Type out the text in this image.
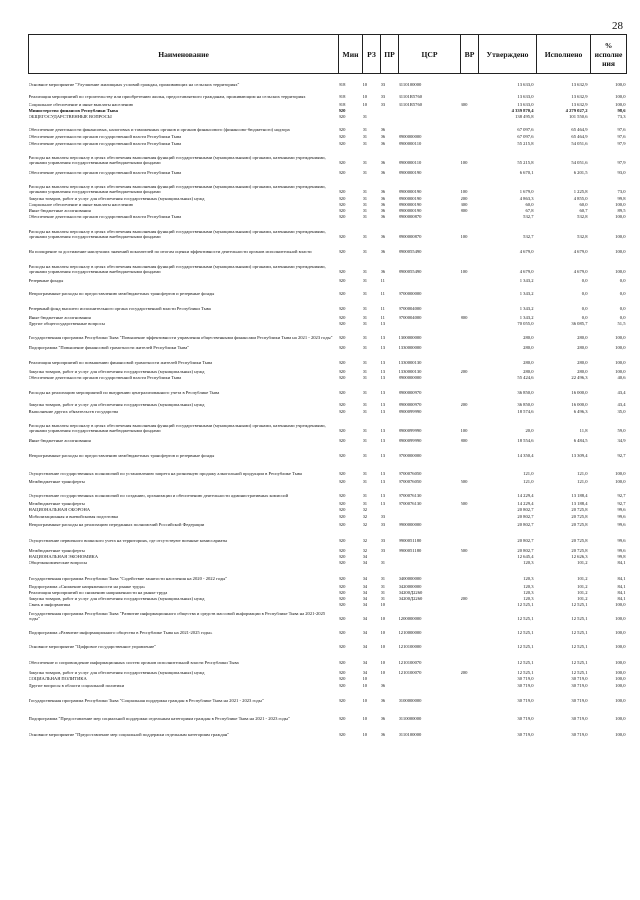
28
Наименование	Мин	РЗ	ПР	ЦСР	ВР	Утверждено	Исполнено	% исполне ния
Основное мероприятие "Улучшение жилищных условий граждан, проживающих на сельских территориях"	918	10	03	3110100000		13 633,0	13 632,9	100,0
Реализация мероприятий по строительству или приобретению жилья, предоставляемого гражданам, проживающим на сельских территориях	918	10	03	31101R5760		13 633,0	13 632,9	100,0
Социальное обеспечение и иные выплаты населению	918	10	03	31101R5760	300	13 633,0	13 632,9	100,0
Министерство финансов Республики Тыва	920					4 339 870,4	4 279 027,2	98,6
ОБЩЕГОСУДАРСТВЕННЫЕ ВОПРОСЫ	920	01				138 495,8	101 550,6	73,3
Обеспечение деятельности финансовых, налоговых и таможенных органов и органов финансового (финансово-бюджетного) надзора	920	01	06			67 097,6	65 464,9	97,6
Обеспечение деятельности органов государственной власти Республики Тыва	920	01	06	8900000000		67 097,6	65 464,9	97,6
Обеспечение деятельности органов государственной власти Республики Тыва	920	01	06	8900000110		55 215,8	54 051,6	97,9
Расходы на выплаты персоналу в целях обеспечения выполнения функций государственными (муниципальными) органами, казенными учреждениями, органами управления государственными внебюджетными фондами	920	01	06	8900000110	100	55 215,8	54 051,6	97,9
Обеспечение деятельности органов государственной власти Республики Тыва	920	01	06	8900000190		6 670,1	6 201,5	93,0
Расходы на выплаты персоналу в целях обеспечения выполнения функций государственными (муниципальными) органами, казенными учреждениями, органами управления государственными внебюджетными фондами	920	01	06	8900000190	100	1 679,0	1 225,8	73,0
Закупка товаров, работ и услуг для обеспечения государственных (муниципальных) нужд	920	01	06	8900000190	200	4 863,3	4 855,0	99,8
Социальное обеспечение и иные выплаты населению	920	01	06	8900000190	300	60,0	60,0	100,0
Иные бюджетные ассигнования	920	01	06	8900000190	800	67,8	60,7	89,5
Обеспечение деятельности органов государственной власти Республики Тыва	920	01	06	8900000870		532,7	532,8	100,0
Расходы на выплаты персоналу в целях обеспечения выполнения функций государственными (муниципальными) органами, казенными учреждениями, органами управления государственными внебюджетными фондами	920	01	06	8900000870	100	532,7	532,8	100,0
На поощрение за достижение наилучших значений показателей по итогам оценки эффективности деятельности органов исполнительной власти	920	01	06	8900055490		4 679,0	4 679,0	100,0
Расходы на выплаты персоналу в целях обеспечения выполнения функций государственными (муниципальными) органами, казенными учреждениями, органами управления государственными внебюджетными фондами	920	01	06	8900055490	100	4 679,0	4 679,0	100,0
Резервные фонды	920	01	11			1 343,2	0,0	0,0
Непрограммные расходы по предоставлению межбюджетных трансфертов и резервные фонды	920	01	11	9700000000		1 343,2	0,0	0,0
Резервный фонд высшего исполнительного органа государственной власти Республики Тыва	920	01	11	9700004000		1 343,2	0,0	0,0
Иные бюджетные ассигнования	920	01	11	9700004000	800	1 343,2	0,0	0,0
Другие общегосударственные вопросы	920	01	13			70 055,0	36 085,7	51,5
Государственная программа Республики Тыва "Повышение эффективности управления общественными финансами Республики Тыва на 2021 - 2023 годы"	920	01	13	1300000000		280,0	280,0	100,0
Подпрограмма "Повышение финансовой грамотности жителей Республики Тыва"	920	01	13	1330000000		280,0	280,0	100,0
Реализация мероприятий по повышению финансовой грамотности жителей Республики Тыва	920	01	13	1330000130		280,0	280,0	100,0
Закупка товаров, работ и услуг для обеспечения государственных (муниципальных) нужд	920	01	13	1330000130	200	280,0	280,0	100,0
Обеспечение деятельности органов государственной власти Республики Тыва	920	01	13	8900000000		55 424,6	22 496,3	40,6
Расходы на реализацию мероприятий по внедрению централизованного учета в Республике Тыва	920	01	13	8900000970		36 850,0	16 000,0	43,4
Закупка товаров, работ и услуг для обеспечения государственных (муниципальных) нужд	920	01	13	8900000970	200	36 850,0	16 000,0	43,4
Выполнение других обязательств государства	920	01	13	8900099990		18 574,6	6 496,3	35,0
Расходы на выплаты персоналу в целях обеспечения выполнения функций государственными (муниципальными) органами, казенными учреждениями, органами управления государственными внебюджетными фондами	920	01	13	8900099990	100	20,0	11,8	59,0
Иные бюджетные ассигнования	920	01	13	8900099990	800	18 554,6	6 484,5	34,9
Непрограммные расходы по предоставлению межбюджетных трансфертов и резервные фонды	920	01	13	9700000000		14 350,4	13 309,4	92,7
Осуществление государственных полномочий по установлению запрета на розничную продажу алкогольной продукции в Республике Тыва	920	01	13	9700076050		121,0	121,0	100,0
Межбюджетные трансферты	920	01	13	9700076050	500	121,0	121,0	100,0
Осуществление государственных полномочий по созданию, организации и обеспечению деятельности административных комиссий	920	01	13	9700076130		14 229,4	13 188,4	92,7
Межбюджетные трансферты	920	01	13	9700076130	500	14 229,4	13 188,4	92,7
НАЦИОНАЛЬНАЯ ОБОРОНА	920	02				20 802,7	20 725,8	99,6
Мобилизационная и вневойсковая подготовка	920	02	03			20 802,7	20 725,8	99,6
Непрограммные расходы на реализацию переданных полномочий Российской Федерации	920	02	03	9900000000		20 802,7	20 725,8	99,6
Осуществление первичного воинского учета на территориях, где отсутствуют военные комиссариаты	920	02	03	9900051180		20 802,7	20 725,8	99,6
Межбюджетные трансферты	920	02	03	9900051180	500	20 802,7	20 725,8	99,6
НАЦИОНАЛЬНАЯ ЭКОНОМИКА	920	04				12 645,4	12 626,3	99,8
Общеэкономические вопросы	920	04	01			120,3	101,2	84,1
Государственная программа Республики Тыва "Содействие занятости населения на 2020 - 2022 годы"	920	04	01	0400000000		120,3	101,2	84,1
Подпрограмма «Снижение напряженности на рынке труда»	920	04	01	0420000000		120,3	101,2	84,1
Реализация мероприятий по снижению напряженности на рынке труда	920	04	01	04200Д2260		120,3	101,2	84,1
Закупка товаров, работ и услуг для обеспечения государственных (муниципальных) нужд	920	04	01	04200Д2260	200	120,3	101,2	84,1
Связь и информатика	920	04	10			12 525,1	12 525,1	100,0
Государственная программа Республики Тыва "Развитие информационного общества и средств массовой информации в Республике Тыва на 2021-2025 годы"	920	04	10	1200000000		12 525,1	12 525,1	100,0
Подпрограмма «Развитие информационного общества в Республике Тыва на 2021-2025 годы»	920	04	10	1210000000		12 525,1	12 525,1	100,0
Основное мероприятие "Цифровое государственное управление"	920	04	10	1210100000		12 525,1	12 525,1	100,0
Обеспечение и сопровождение информационных систем органов исполнительной власти Республики Тыва	920	04	10	1210100070		12 525,1	12 525,1	100,0
Закупка товаров, работ и услуг для обеспечения государственных (муниципальных) нужд	920	04	10	1210100070	200	12 525,1	12 525,1	100,0
СОЦИАЛЬНАЯ ПОЛИТИКА	920	10				30 719,0	30 719,0	100,0
Другие вопросы в области социальной политики	920	10	06			30 719,0	30 719,0	100,0
Государственная программа Республики Тыва "Социальная поддержка граждан в Республике Тыва на 2021 - 2023 годы"	920	10	06	0100000000		30 719,0	30 719,0	100,0
Подпрограмма "Предоставление мер социальной поддержки отдельным категориям граждан в Республике Тыва на 2021 - 2023 годы"	920	10	06	0110000000		30 719,0	30 719,0	100,0
Основное мероприятие "Предоставление мер социальной поддержки отдельным категориям граждан"	920	10	06	0110100000		30 719,0	30 719,0	100,0
